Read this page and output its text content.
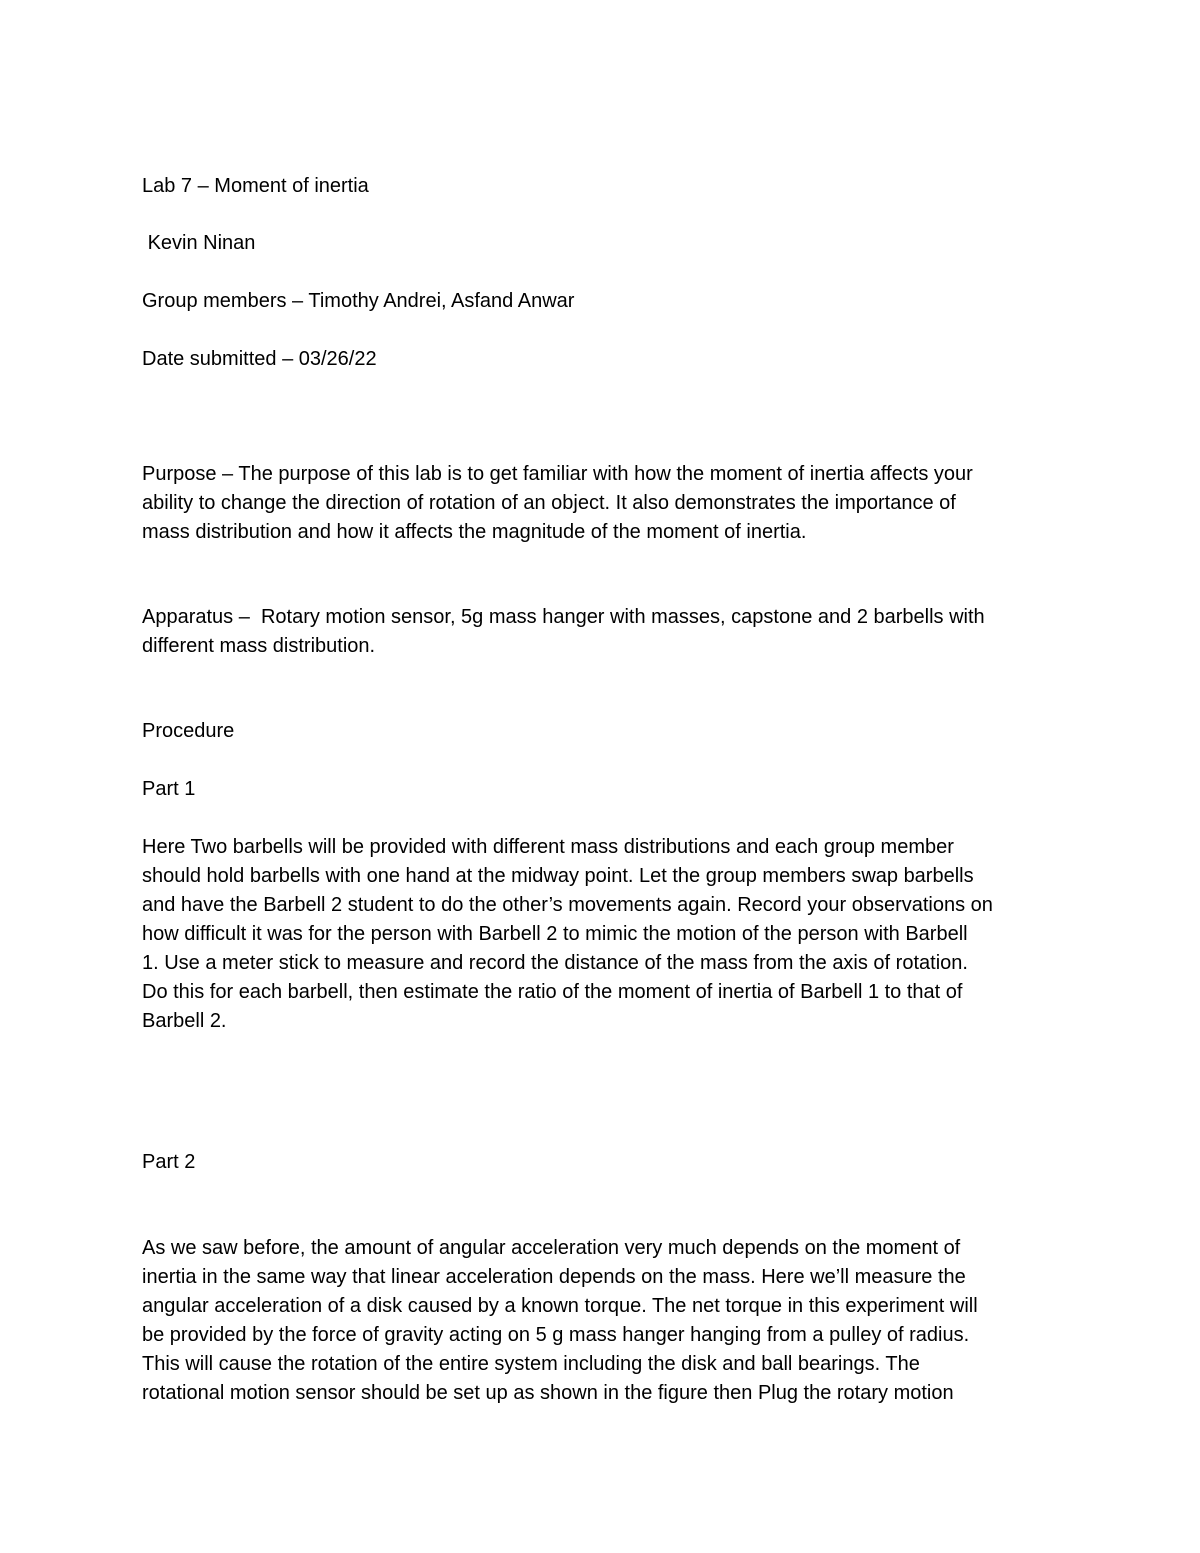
Lab 7 – Moment of inertia

Kevin Ninan

Group members – Timothy Andrei, Asfand Anwar

Date submitted – 03/26/22

Purpose – The purpose of this lab is to get familiar with how the moment of inertia affects your
ability to change the direction of rotation of an object. It also demonstrates the importance of
mass distribution and how it affects the magnitude of the moment of inertia.

Apparatus –  Rotary motion sensor, 5g mass hanger with masses, capstone and 2 barbells with
different mass distribution.

Procedure

Part 1

Here Two barbells will be provided with different mass distributions and each group member
should hold barbells with one hand at the midway point. Let the group members swap barbells
and have the Barbell 2 student to do the other’s movements again. Record your observations on
how difficult it was for the person with Barbell 2 to mimic the motion of the person with Barbell
1. Use a meter stick to measure and record the distance of the mass from the axis of rotation.
Do this for each barbell, then estimate the ratio of the moment of inertia of Barbell 1 to that of
Barbell 2.

Part 2

As we saw before, the amount of angular acceleration very much depends on the moment of
inertia in the same way that linear acceleration depends on the mass. Here we’ll measure the
angular acceleration of a disk caused by a known torque. The net torque in this experiment will
be provided by the force of gravity acting on 5 g mass hanger hanging from a pulley of radius.
This will cause the rotation of the entire system including the disk and ball bearings. The
rotational motion sensor should be set up as shown in the figure then Plug the rotary motion
